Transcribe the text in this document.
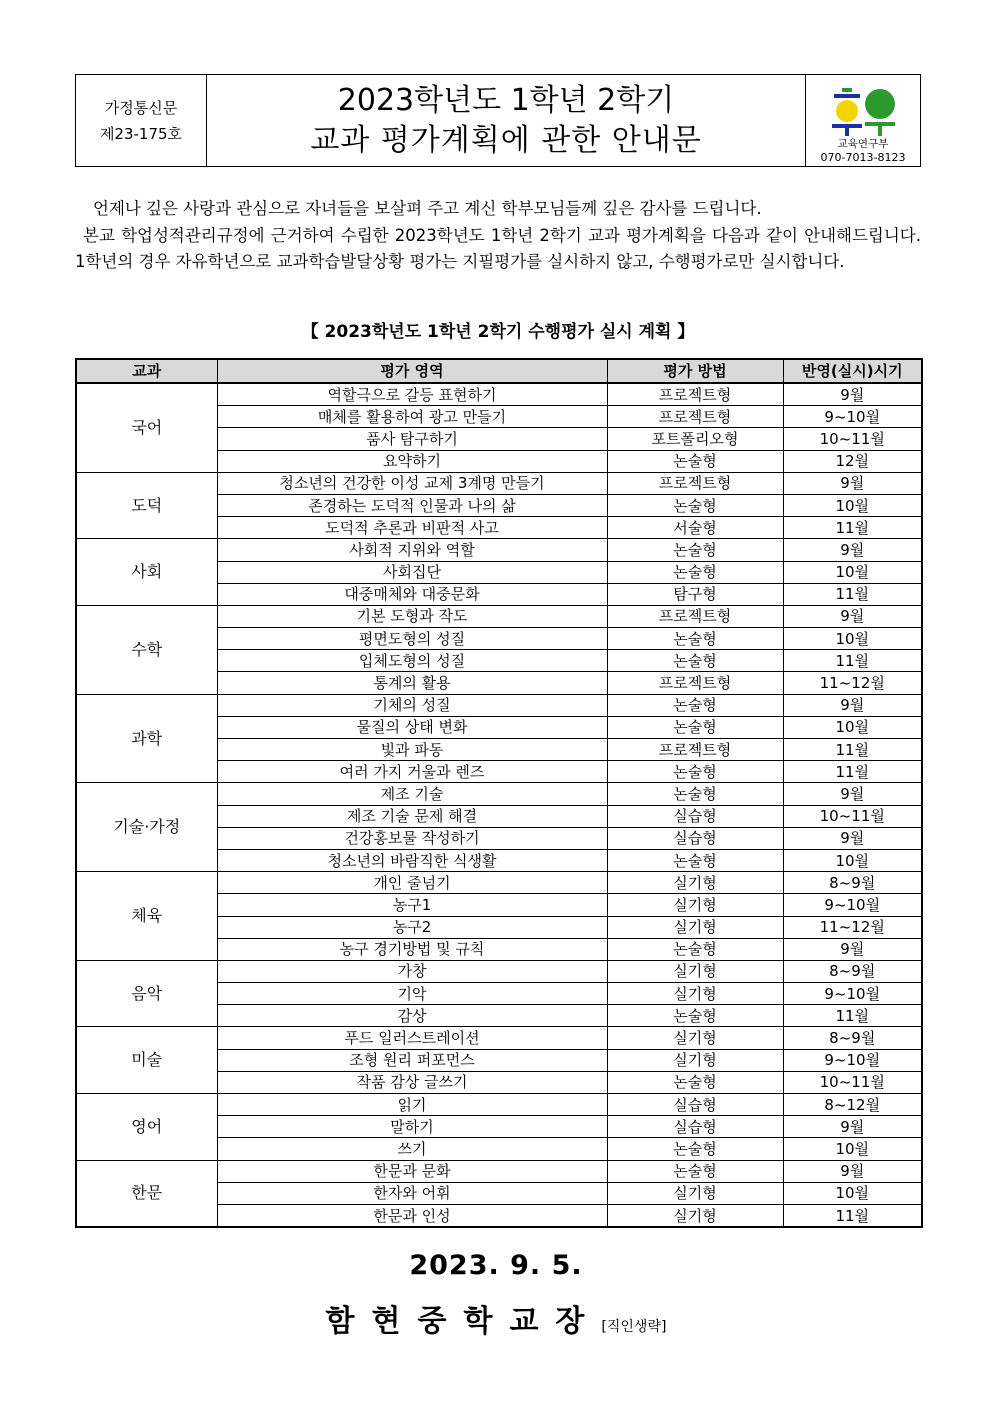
가정통신문
제23-175호
2023학년도 1학년 2학기
교과 평가계획에 관한 안내문	교육연구부
070-7013-8123

언제나 깊은 사랑과 관심으로 자녀들을 보살펴 주고 계신 학부모님들께 깊은 감사를 드립니다.

본교 학업성적관리규정에 근거하여 수립한 2023학년도 1학년 2학기 교과 평가계획을 다음과 같이 안내해드립니다. 1학년의 경우 자유학년으로 교과학습발달상황 평가는 지필평가를 실시하지 않고, 수행평가로만 실시합니다.

【 2023학년도 1학년 2학기 수행평가 실시 계획 】
교과	평가 영역	평가 방법	반영(실시)시기
국어	역할극으로 갈등 표현하기	프로젝트형	9월
	매체를 활용하여 광고 만들기	프로젝트형	9~10월
	품사 탐구하기	포트폴리오형	10~11월
	요약하기	논술형	12월
도덕	청소년의 건강한 이성 교제 3계명 만들기	프로젝트형	9월
	존경하는 도덕적 인물과 나의 삶	논술형	10월
	도덕적 추론과 비판적 사고	서술형	11월
사회	사회적 지위와 역할	논술형	9월
	사회집단	논술형	10월
	대중매체와 대중문화	탐구형	11월
수학	기본 도형과 작도	프로젝트형	9월
	평면도형의 성질	논술형	10월
	입체도형의 성질	논술형	11월
	통계의 활용	프로젝트형	11~12월
과학	기체의 성질	논술형	9월
	물질의 상태 변화	논술형	10월
	빛과 파동	프로젝트형	11월
	여러 가지 거울과 렌즈	논술형	11월
기술·가정	제조 기술	논술형	9월
	제조 기술 문제 해결	실습형	10~11월
	건강홍보물 작성하기	실습형	9월
	청소년의 바람직한 식생활	논술형	10월
체육	개인 줄넘기	실기형	8~9월
	농구1	실기형	9~10월
	농구2	실기형	11~12월
	농구 경기방법 및 규칙	논술형	9월
음악	가창	실기형	8~9월
	기악	실기형	9~10월
	감상	논술형	11월
미술	푸드 일러스트레이션	실기형	8~9월
	조형 원리 퍼포먼스	실기형	9~10월
	작품 감상 글쓰기	논술형	10~11월
영어	읽기	실습형	8~12월
	말하기	실습형	9월
	쓰기	논술형	10월
한문	한문과 문화	논술형	9월
	한자와 어휘	실기형	10월
	한문과 인성	실기형	11월
2023. 9. 5.
함현중학교장[직인생략]
